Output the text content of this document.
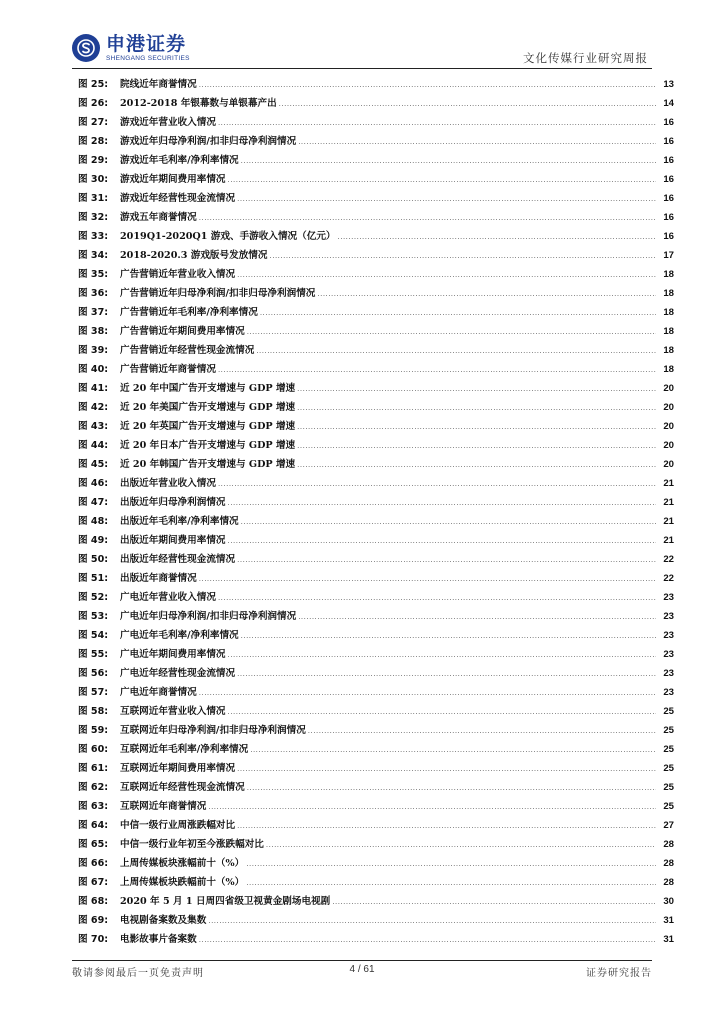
申港证券
SHENGANG SECURITIES	文化传媒行业研究周报
图 25:	院线近年商誉情况 .....	13
图 26:	2012-2018 年银幕数与单银幕产出 .....	14
图 27:	游戏近年营业收入情况 .....	16
图 28:	游戏近年归母净利润/扣非归母净利润情况 .....	16
图 29:	游戏近年毛利率/净利率情况 .....	16
图 30:	游戏近年期间费用率情况 .....	16
图 31:	游戏近年经营性现金流情况 .....	16
图 32:	游戏五年商誉情况 .....	16
图 33:	2019Q1-2020Q1 游戏、手游收入情况（亿元） .....	16
图 34:	2018-2020.3 游戏版号发放情况 .....	17
图 35:	广告营销近年营业收入情况 .....	18
图 36:	广告营销近年归母净利润/扣非归母净利润情况 .....	18
图 37:	广告营销近年毛利率/净利率情况 .....	18
图 38:	广告营销近年期间费用率情况 .....	18
图 39:	广告营销近年经营性现金流情况 .....	18
图 40:	广告营销近年商誉情况 .....	18
图 41:	近 20 年中国广告开支增速与 GDP 增速 .....	20
图 42:	近 20 年美国广告开支增速与 GDP 增速 .....	20
图 43:	近 20 年英国广告开支增速与 GDP 增速 .....	20
图 44:	近 20 年日本广告开支增速与 GDP 增速 .....	20
图 45:	近 20 年韩国广告开支增速与 GDP 增速 .....	20
图 46:	出版近年营业收入情况 .....	21
图 47:	出版近年归母净利润情况 .....	21
图 48:	出版近年毛利率/净利率情况 .....	21
图 49:	出版近年期间费用率情况 .....	21
图 50:	出版近年经营性现金流情况 .....	22
图 51:	出版近年商誉情况 .....	22
图 52:	广电近年营业收入情况 .....	23
图 53:	广电近年归母净利润/扣非归母净利润情况 .....	23
图 54:	广电近年毛利率/净利率情况 .....	23
图 55:	广电近年期间费用率情况 .....	23
图 56:	广电近年经营性现金流情况 .....	23
图 57:	广电近年商誉情况 .....	23
图 58:	互联网近年营业收入情况 .....	25
图 59:	互联网近年归母净利润/扣非归母净利润情况 .....	25
图 60:	互联网近年毛利率/净利率情况 .....	25
图 61:	互联网近年期间费用率情况 .....	25
图 62:	互联网近年经营性现金流情况 .....	25
图 63:	互联网近年商誉情况 .....	25
图 64:	中信一级行业周涨跌幅对比 .....	27
图 65:	中信一级行业年初至今涨跌幅对比 .....	28
图 66:	上周传媒板块涨幅前十（%） .....	28
图 67:	上周传媒板块跌幅前十（%） .....	28
图 68:	2020 年 5 月 1 日周四省级卫视黄金剧场电视剧 .....	30
图 69:	电视剧备案数及集数 .....	31
图 70:	电影故事片备案数 .....	31
敬请参阅最后一页免责声明	4 / 61	证券研究报告
